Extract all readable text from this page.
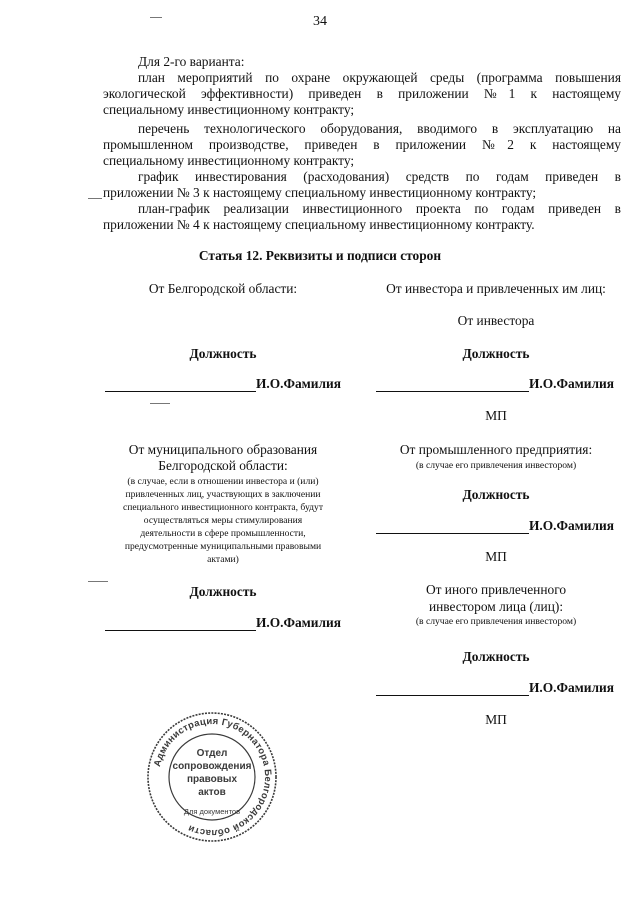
34
Для 2-го варианта:
план мероприятий по охране окружающей среды (программа повышения
экологической эффективности) приведен в приложении №1 к настоящему
специальному инвестиционному контракту;
перечень технологического оборудования, вводимого в эксплуатацию на
промышленном производстве, приведен в приложении №2 к настоящему
специальному инвестиционному контракту;
график инвестирования (расходования) средств по годам приведен в
приложении № 3 к настоящему специальному инвестиционному контракту;
план-график реализации инвестиционного проекта по годам приведен в
приложении № 4 к настоящему специальному инвестиционному контракту.
Статья 12. Реквизиты и подписи сторон
От Белгородской области:
Должность
И.О.Фамилия
От муниципального образования
Белгородской области:
(в случае, если в отношении инвестора и (или)
привлеченных лиц, участвующих в заключении
специального инвестиционного контракта, будут
осуществляться меры стимулирования
деятельности в сфере промышленности,
предусмотренные муниципальными правовыми
актами)
Должность
И.О.Фамилия
От инвестора и привлеченных им лиц:
От инвестора
Должность
И.О.Фамилия
МП
От промышленного предприятия:
(в случае его привлечения инвестором)
Должность
И.О.Фамилия
МП
От иного привлеченного
инвестором лица (лиц):
(в случае его привлечения инвестором)
Должность
И.О.Фамилия
МП
Администрация Губернатора Белгородской области
Отдел
сопровождения
правовых
актов
Для документов
